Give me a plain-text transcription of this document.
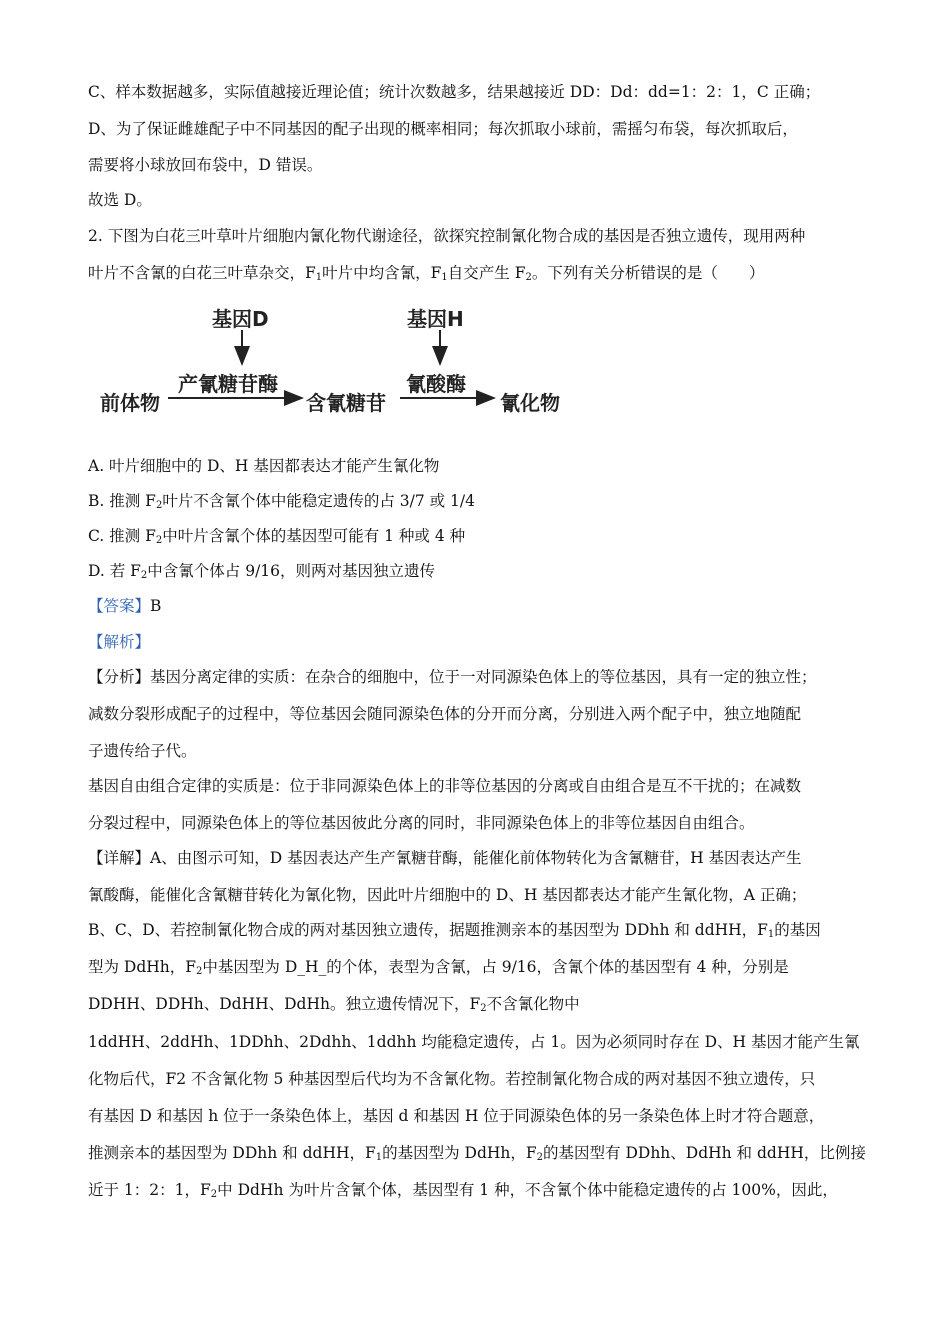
C、样本数据越多，实际值越接近理论值；统计次数越多，结果越接近 DD：Dd：dd=1：2：1，C 正确；
D、为了保证雌雄配子中不同基因的配子出现的概率相同；每次抓取小球前，需摇匀布袋，每次抓取后，
需要将小球放回布袋中，D 错误。
故选 D。
2. 下图为白花三叶草叶片细胞内氰化物代谢途径，欲探究控制氰化物合成的基因是否独立遗传，现用两种
叶片不含氰的白花三叶草杂交，$F_1$叶片中均含氰，$F_1$自交产生 $F_2$。下列有关分析错误的是（　　）
基因D	基因H
产氰糖苷酶	氰酸酶
前体物	含氰糖苷	氰化物
A. 叶片细胞中的 D、H 基因都表达才能产生氰化物
B. 推测 $F_2$叶片不含氰个体中能稳定遗传的占 3/7 或 1/4
C. 推测 $F_2$中叶片含氰个体的基因型可能有 1 种或 4 种
D. 若 $F_2$中含氰个体占 9/16，则两对基因独立遗传
【答案】B
【解析】
【分析】基因分离定律的实质：在杂合的细胞中，位于一对同源染色体上的等位基因，具有一定的独立性；
减数分裂形成配子的过程中，等位基因会随同源染色体的分开而分离，分别进入两个配子中，独立地随配
子遗传给子代。
基因自由组合定律的实质是：位于非同源染色体上的非等位基因的分离或自由组合是互不干扰的；在减数
分裂过程中，同源染色体上的等位基因彼此分离的同时，非同源染色体上的非等位基因自由组合。
【详解】A、由图示可知，D 基因表达产生产氰糖苷酶，能催化前体物转化为含氰糖苷，H 基因表达产生
氰酸酶，能催化含氰糖苷转化为氰化物，因此叶片细胞中的 D、H 基因都表达才能产生氰化物，A 正确；
B、C、D、若控制氰化物合成的两对基因独立遗传，据题推测亲本的基因型为 DDhh 和 ddHH，$F_1$的基因
型为 DdHh，$F_2$中基因型为 D_H_的个体，表型为含氰，占 9/16，含氰个体的基因型有 4 种，分别是
DDHH、DDHh、DdHH、DdHh。独立遗传情况下，$F_2$不含氰化物中
1ddHH、2ddHh、1DDhh、2Ddhh、1ddhh 均能稳定遗传，占 1。因为必须同时存在 D、H 基因才能产生氰
化物后代，F2 不含氰化物 5 种基因型后代均为不含氰化物。若控制氰化物合成的两对基因不独立遗传，只
有基因 D 和基因 h 位于一条染色体上，基因 d 和基因 H 位于同源染色体的另一条染色体上时才符合题意，
推测亲本的基因型为 DDhh 和 ddHH，$F_1$的基因型为 DdHh，$F_2$的基因型有 DDhh、DdHh 和 ddHH，比例接
近于 1：2：1，$F_2$中 DdHh 为叶片含氰个体，基因型有 1 种，不含氰个体中能稳定遗传的占 100%，因此，
